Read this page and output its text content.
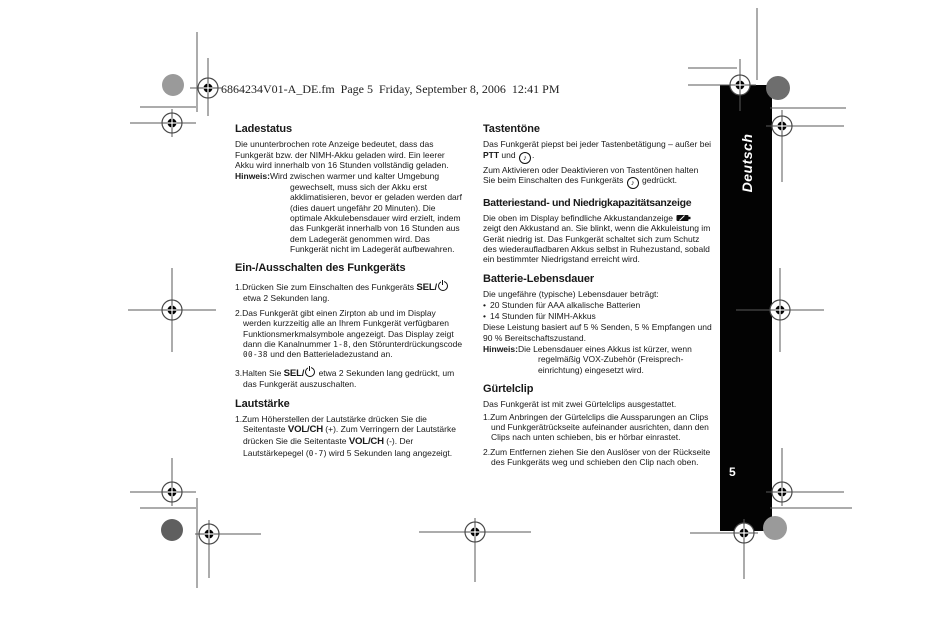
6864234V01-A_DE.fm  Page 5  Friday, September 8, 2006  12:41 PM
Ladestatus

Die ununterbrochen rote Anzeige bedeutet, dass das Funkgerät bzw. der NIMH-Akku geladen wird. Ein leerer Akku wird innerhalb von 16 Stunden vollständig geladen.

Hinweis:Wird zwischen warmer und kalter Umgebung gewechselt, muss sich der Akku erst akklimatisieren, bevor er geladen werden darf (dies dauert ungefähr 20 Minuten). Die optimale Akkulebensdauer wird erzielt, indem das Funkgerät innerhalb von 16 Stunden aus dem Ladegerät genommen wird. Das Funkgerät nicht im Ladegerät aufbewahren.

Ein-/Ausschalten des Funkgeräts

1.Drücken Sie zum Einschalten des Funkgeräts SEL/ etwa 2 Sekunden lang.

2.Das Funkgerät gibt einen Zirpton ab und im Display werden kurzzeitig alle an Ihrem Funkgerät verfügbaren Funktionsmerkmalsymbole angezeigt. Das Display zeigt dann die Kanalnummer 1-8, den Störunterdrückungscode 00-38 und den Batterieladezustand an.

3.Halten Sie SEL/ etwa 2 Sekunden lang gedrückt, um das Funkgerät auszuschalten.

Lautstärke

1.Zum Höherstellen der Lautstärke drücken Sie die Seitentaste VOL/CH (+). Zum Verringern der Lautstärke drücken Sie die Seitentaste VOL/CH (-). Der Lautstärkepegel (0-7) wird 5 Sekunden lang angezeigt.

Tastentöne

Das Funkgerät piepst bei jeder Tastenbetätigung – außer bei PTT und ♪ .

Zum Aktivieren oder Deaktivieren von Tastentönen halten Sie beim Einschalten des Funkgeräts ♪ gedrückt.

Batteriestand- und Niedrigkapazitätsanzeige

Die oben im Display befindliche Akkustandanzeige  zeigt den Akkustand an. Sie blinkt, wenn die Akkuleistung im Gerät niedrig ist. Das Funkgerät schaltet sich zum Schutz des wiederaufladbaren Akkus selbst in Ruhezustand, sobald ein bestimmter Niedrigstand erreicht wird.

Batterie-Lebensdauer

Die ungefähre (typische) Lebensdauer beträgt:

• 20 Stunden für AAA alkalische Batterien
• 14 Stunden für NIMH-Akkus

Diese Leistung basiert auf 5 % Senden, 5 % Empfangen und 90 % Bereitschaftszustand.

Hinweis:Die Lebensdauer eines Akkus ist kürzer, wenn regelmäßig VOX-Zubehör (Freisprecheinrichtung) eingesetzt wird.

Gürtelclip

Das Funkgerät ist mit zwei Gürtelclips ausgestattet.

1.Zum Anbringen der Gürtelclips die Aussparungen an Clips und Funkgerätrückseite aufeinander ausrichten, dann den Clips nach unten schieben, bis er hörbar einrastet.

2.Zum Entfernen ziehen Sie den Auslöser von der Rückseite des Funkgeräts weg und schieben den Clip nach oben.

Deutsch
5
